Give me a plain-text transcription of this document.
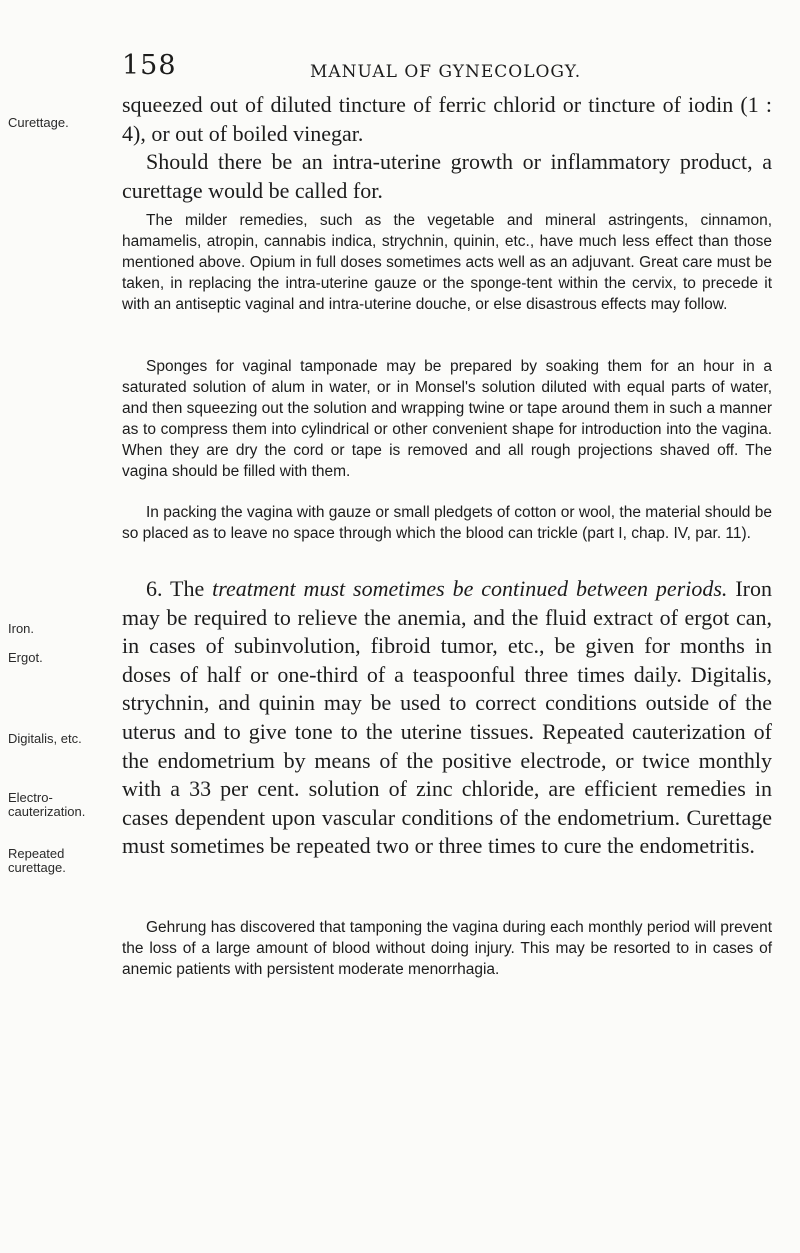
158	MANUAL OF GYNECOLOGY.
Curettage.
Iron.
Ergot.
Digitalis, etc.
Electro-cauterization.
Repeated curettage.

squeezed out of diluted tincture of ferric chlorid or tincture of iodin (1 : 4), or out of boiled vinegar.

Should there be an intra-uterine growth or inflammatory product, a curettage would be called for.

The milder remedies, such as the vegetable and mineral astringents, cinnamon, hamamelis, atropin, cannabis indica, strychnin, quinin, etc., have much less effect than those mentioned above. Opium in full doses sometimes acts well as an adjuvant. Great care must be taken, in replacing the intra-uterine gauze or the sponge-tent within the cervix, to precede it with an antiseptic vaginal and intra-uterine douche, or else disastrous effects may follow.

Sponges for vaginal tamponade may be prepared by soaking them for an hour in a saturated solution of alum in water, or in Monsel's solution diluted with equal parts of water, and then squeezing out the solution and wrapping twine or tape around them in such a manner as to compress them into cylindrical or other convenient shape for introduction into the vagina. When they are dry the cord or tape is removed and all rough projections shaved off. The vagina should be filled with them.

In packing the vagina with gauze or small pledgets of cotton or wool, the material should be so placed as to leave no space through which the blood can trickle (part I, chap. IV, par. 11).

6. The treatment must sometimes be continued between periods. Iron may be required to relieve the anemia, and the fluid extract of ergot can, in cases of subinvolution, fibroid tumor, etc., be given for months in doses of half or one-third of a teaspoonful three times daily. Digitalis, strychnin, and quinin may be used to correct conditions outside of the uterus and to give tone to the uterine tissues. Repeated cauterization of the endometrium by means of the positive electrode, or twice monthly with a 33 per cent. solution of zinc chloride, are efficient remedies in cases dependent upon vascular conditions of the endometrium. Curettage must sometimes be repeated two or three times to cure the endometritis.

Gehrung has discovered that tamponing the vagina during each monthly period will prevent the loss of a large amount of blood without doing injury. This may be resorted to in cases of anemic patients with persistent moderate menorrhagia.
